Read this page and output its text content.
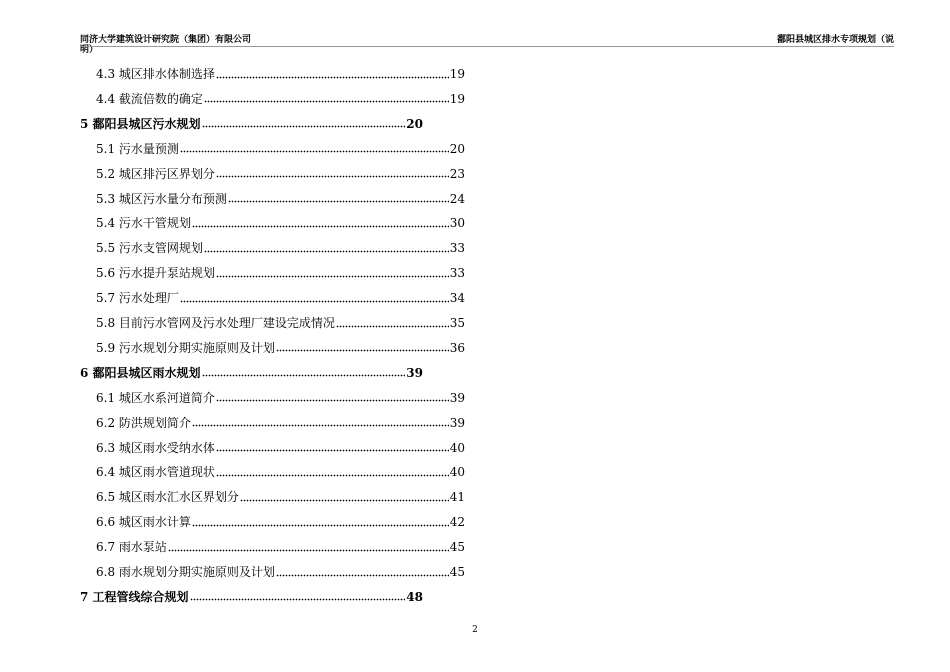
同济大学建筑设计研究院（集团）有限公司	鄱阳县城区排水专项规划（说
明）
4.3 城区排水体制选择	19
4.4 截流倍数的确定	19
5 鄱阳县城区污水规划	20
5.1 污水量预测	20
5.2 城区排污区界划分	23
5.3 城区污水量分布预测	24
5.4 污水干管规划	30
5.5 污水支管网规划	33
5.6 污水提升泵站规划	33
5.7 污水处理厂	34
5.8 目前污水管网及污水处理厂建设完成情况	35
5.9 污水规划分期实施原则及计划	36
6 鄱阳县城区雨水规划	39
6.1 城区水系河道简介	39
6.2 防洪规划简介	39
6.3 城区雨水受纳水体	40
6.4 城区雨水管道现状	40
6.5 城区雨水汇水区界划分	41
6.6 城区雨水计算	42
6.7 雨水泵站	45
6.8 雨水规划分期实施原则及计划	45
7 工程管线综合规划	48
2
